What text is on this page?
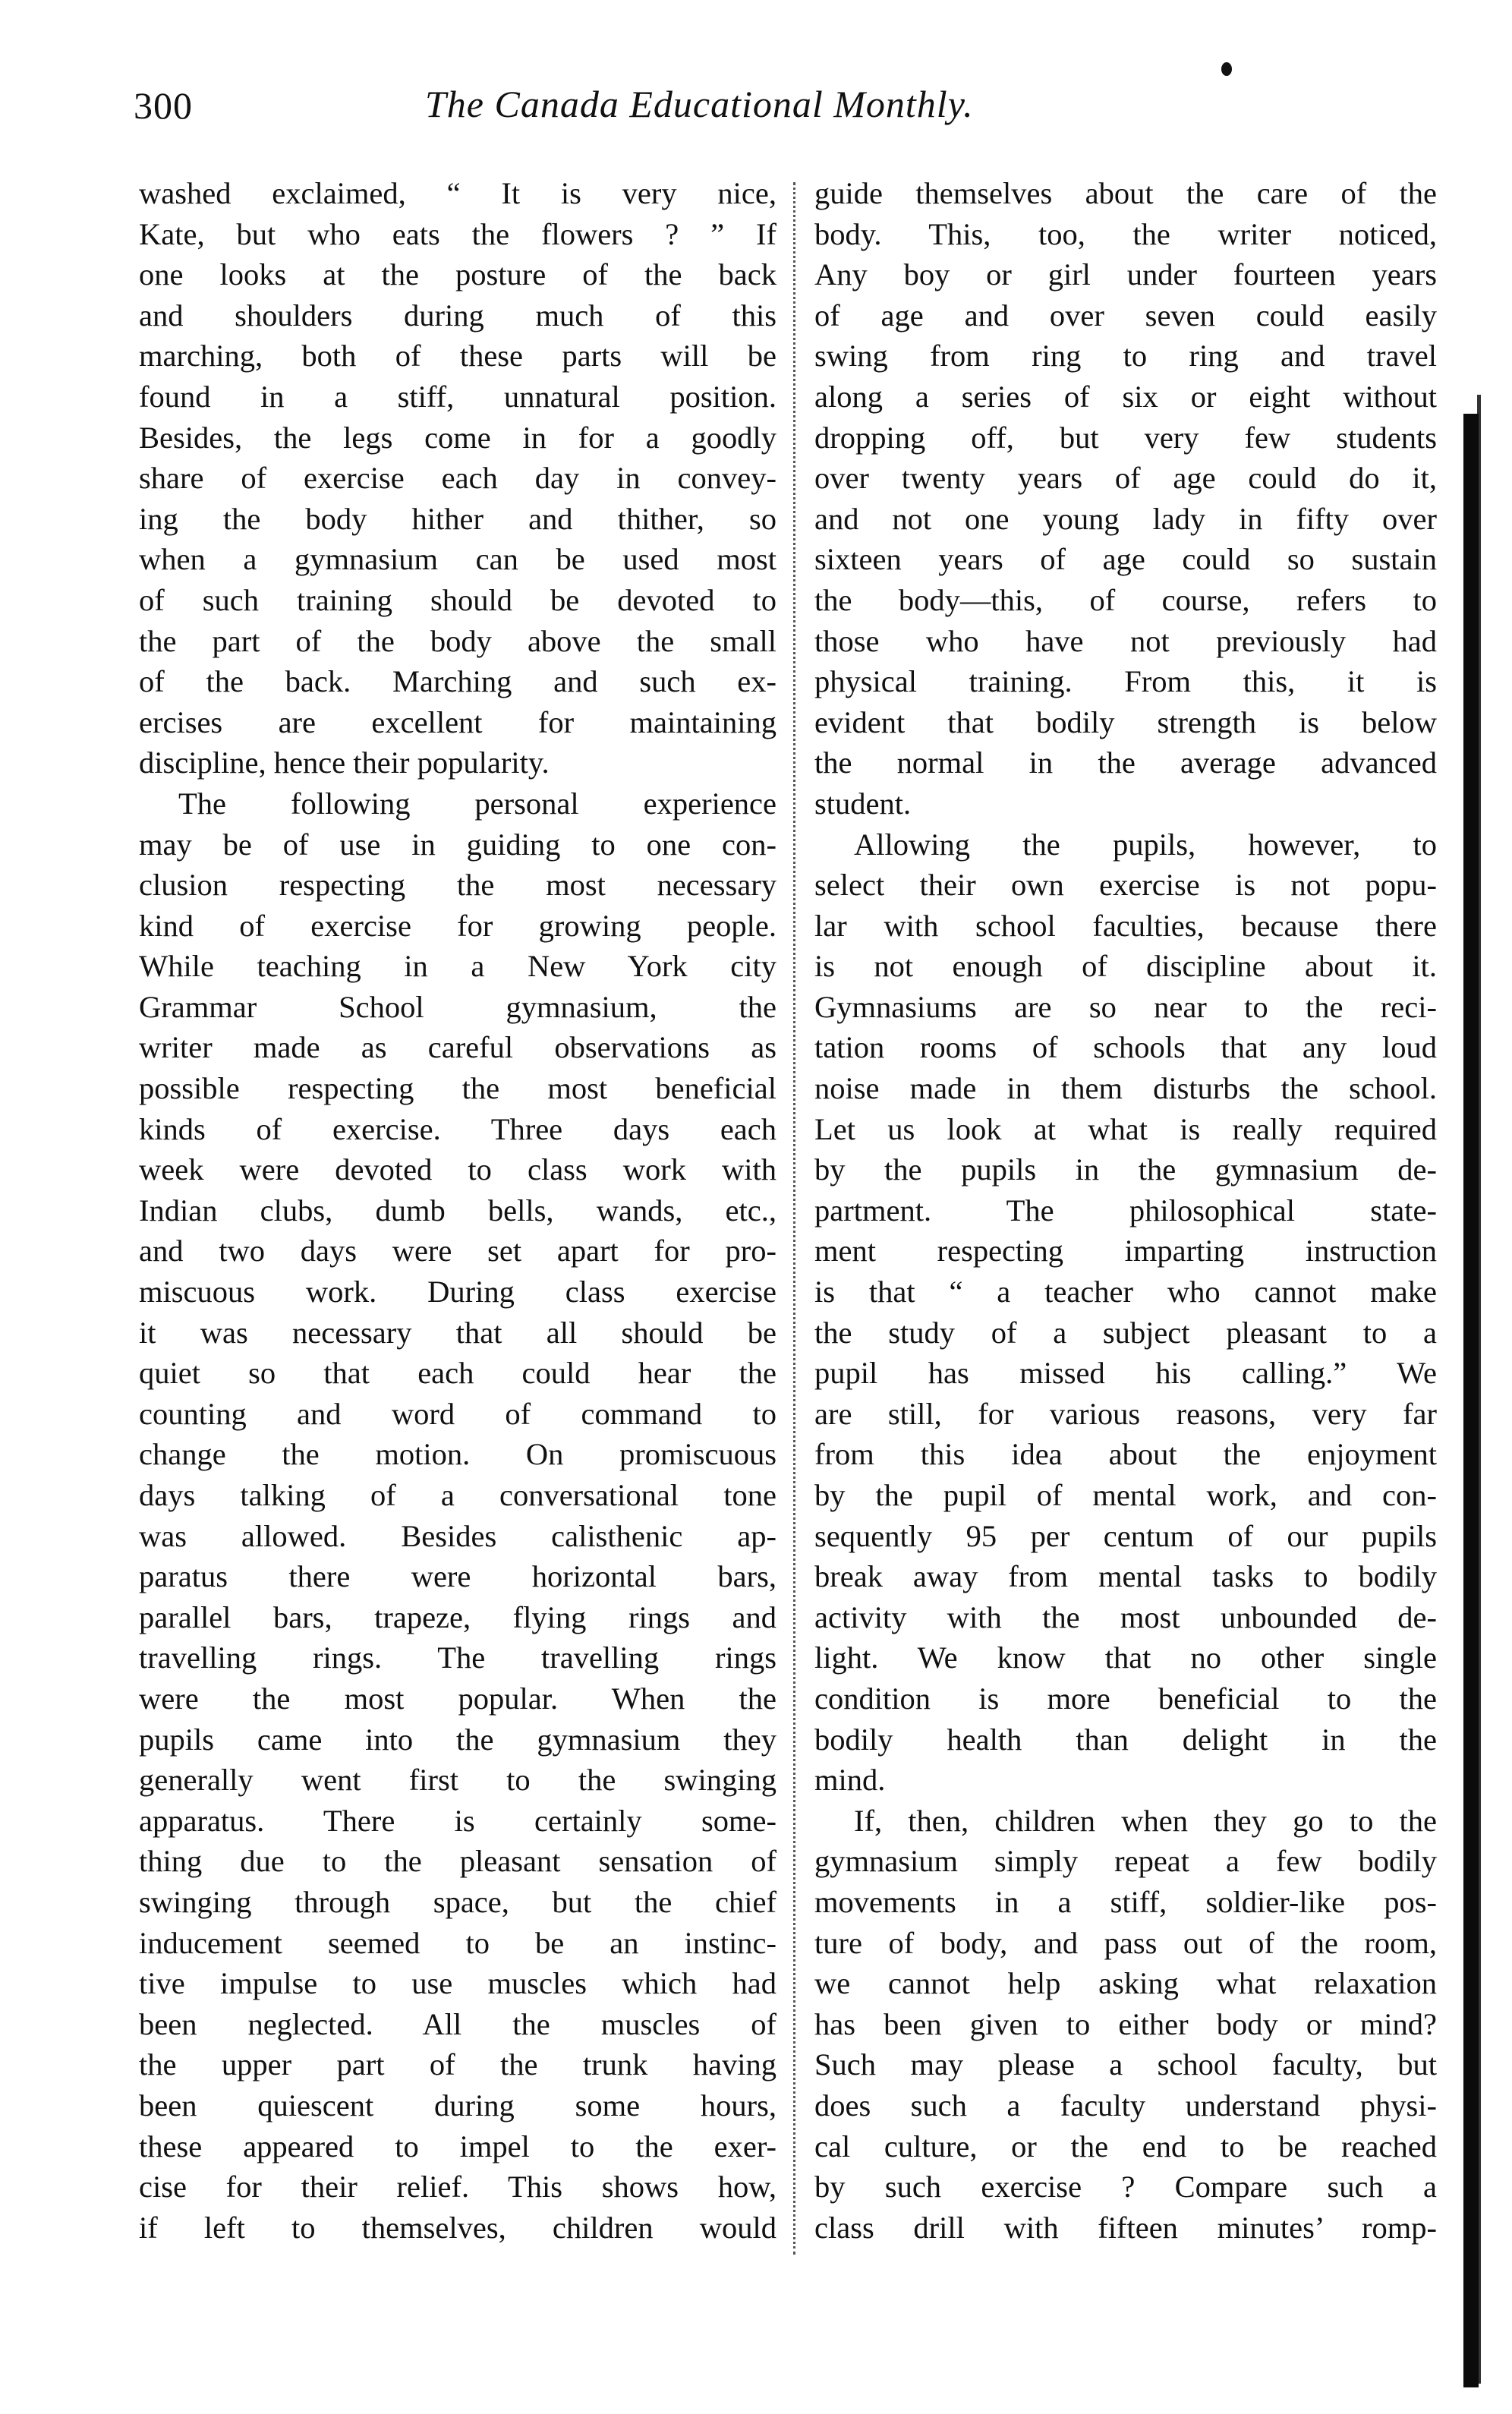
300	The Canada Educational Monthly.
washed exclaimed, “ It is very nice,
Kate, but who eats the flowers ? ” If
one looks at the posture of the back
and shoulders during much of this
marching, both of these parts will be
found in a stiff, unnatural position.
Besides, the legs come in for a goodly
share of exercise each day in convey-
ing the body hither and thither, so
when a gymnasium can be used most
of such training should be devoted to
the part of the body above the small
of the back. Marching and such ex-
ercises are excellent for maintaining
discipline, hence their popularity.
The following personal experience
may be of use in guiding to one con-
clusion respecting the most necessary
kind of exercise for growing people.
While teaching in a New York city
Grammar School gymnasium, the
writer made as careful observations as
possible respecting the most beneficial
kinds of exercise. Three days each
week were devoted to class work with
Indian clubs, dumb bells, wands, etc.,
and two days were set apart for pro-
miscuous work. During class exercise
it was necessary that all should be
quiet so that each could hear the
counting and word of command to
change the motion. On promiscuous
days talking of a conversational tone
was allowed. Besides calisthenic ap-
paratus there were horizontal bars,
parallel bars, trapeze, flying rings and
travelling rings. The travelling rings
were the most popular. When the
pupils came into the gymnasium they
generally went first to the swinging
apparatus. There is certainly some-
thing due to the pleasant sensation of
swinging through space, but the chief
inducement seemed to be an instinc-
tive impulse to use muscles which had
been neglected. All the muscles of
the upper part of the trunk having
been quiescent during some hours,
these appeared to impel to the exer-
cise for their relief. This shows how,
if left to themselves, children would
guide themselves about the care of the
body. This, too, the writer noticed,
Any boy or girl under fourteen years
of age and over seven could easily
swing from ring to ring and travel
along a series of six or eight without
dropping off, but very few students
over twenty years of age could do it,
and not one young lady in fifty over
sixteen years of age could so sustain
the body—this, of course, refers to
those who have not previously had
physical training. From this, it is
evident that bodily strength is below
the normal in the average advanced
student.
Allowing the pupils, however, to
select their own exercise is not popu-
lar with school faculties, because there
is not enough of discipline about it.
Gymnasiums are so near to the reci-
tation rooms of schools that any loud
noise made in them disturbs the school.
Let us look at what is really required
by the pupils in the gymnasium de-
partment. The philosophical state-
ment respecting imparting instruction
is that “ a teacher who cannot make
the study of a subject pleasant to a
pupil has missed his calling.” We
are still, for various reasons, very far
from this idea about the enjoyment
by the pupil of mental work, and con-
sequently 95 per centum of our pupils
break away from mental tasks to bodily
activity with the most unbounded de-
light. We know that no other single
condition is more beneficial to the
bodily health than delight in the
mind.
If, then, children when they go to the
gymnasium simply repeat a few bodily
movements in a stiff, soldier-like pos-
ture of body, and pass out of the room,
we cannot help asking what relaxation
has been given to either body or mind?
Such may please a school faculty, but
does such a faculty understand physi-
cal culture, or the end to be reached
by such exercise ? Compare such a
class drill with fifteen minutes’ romp-
